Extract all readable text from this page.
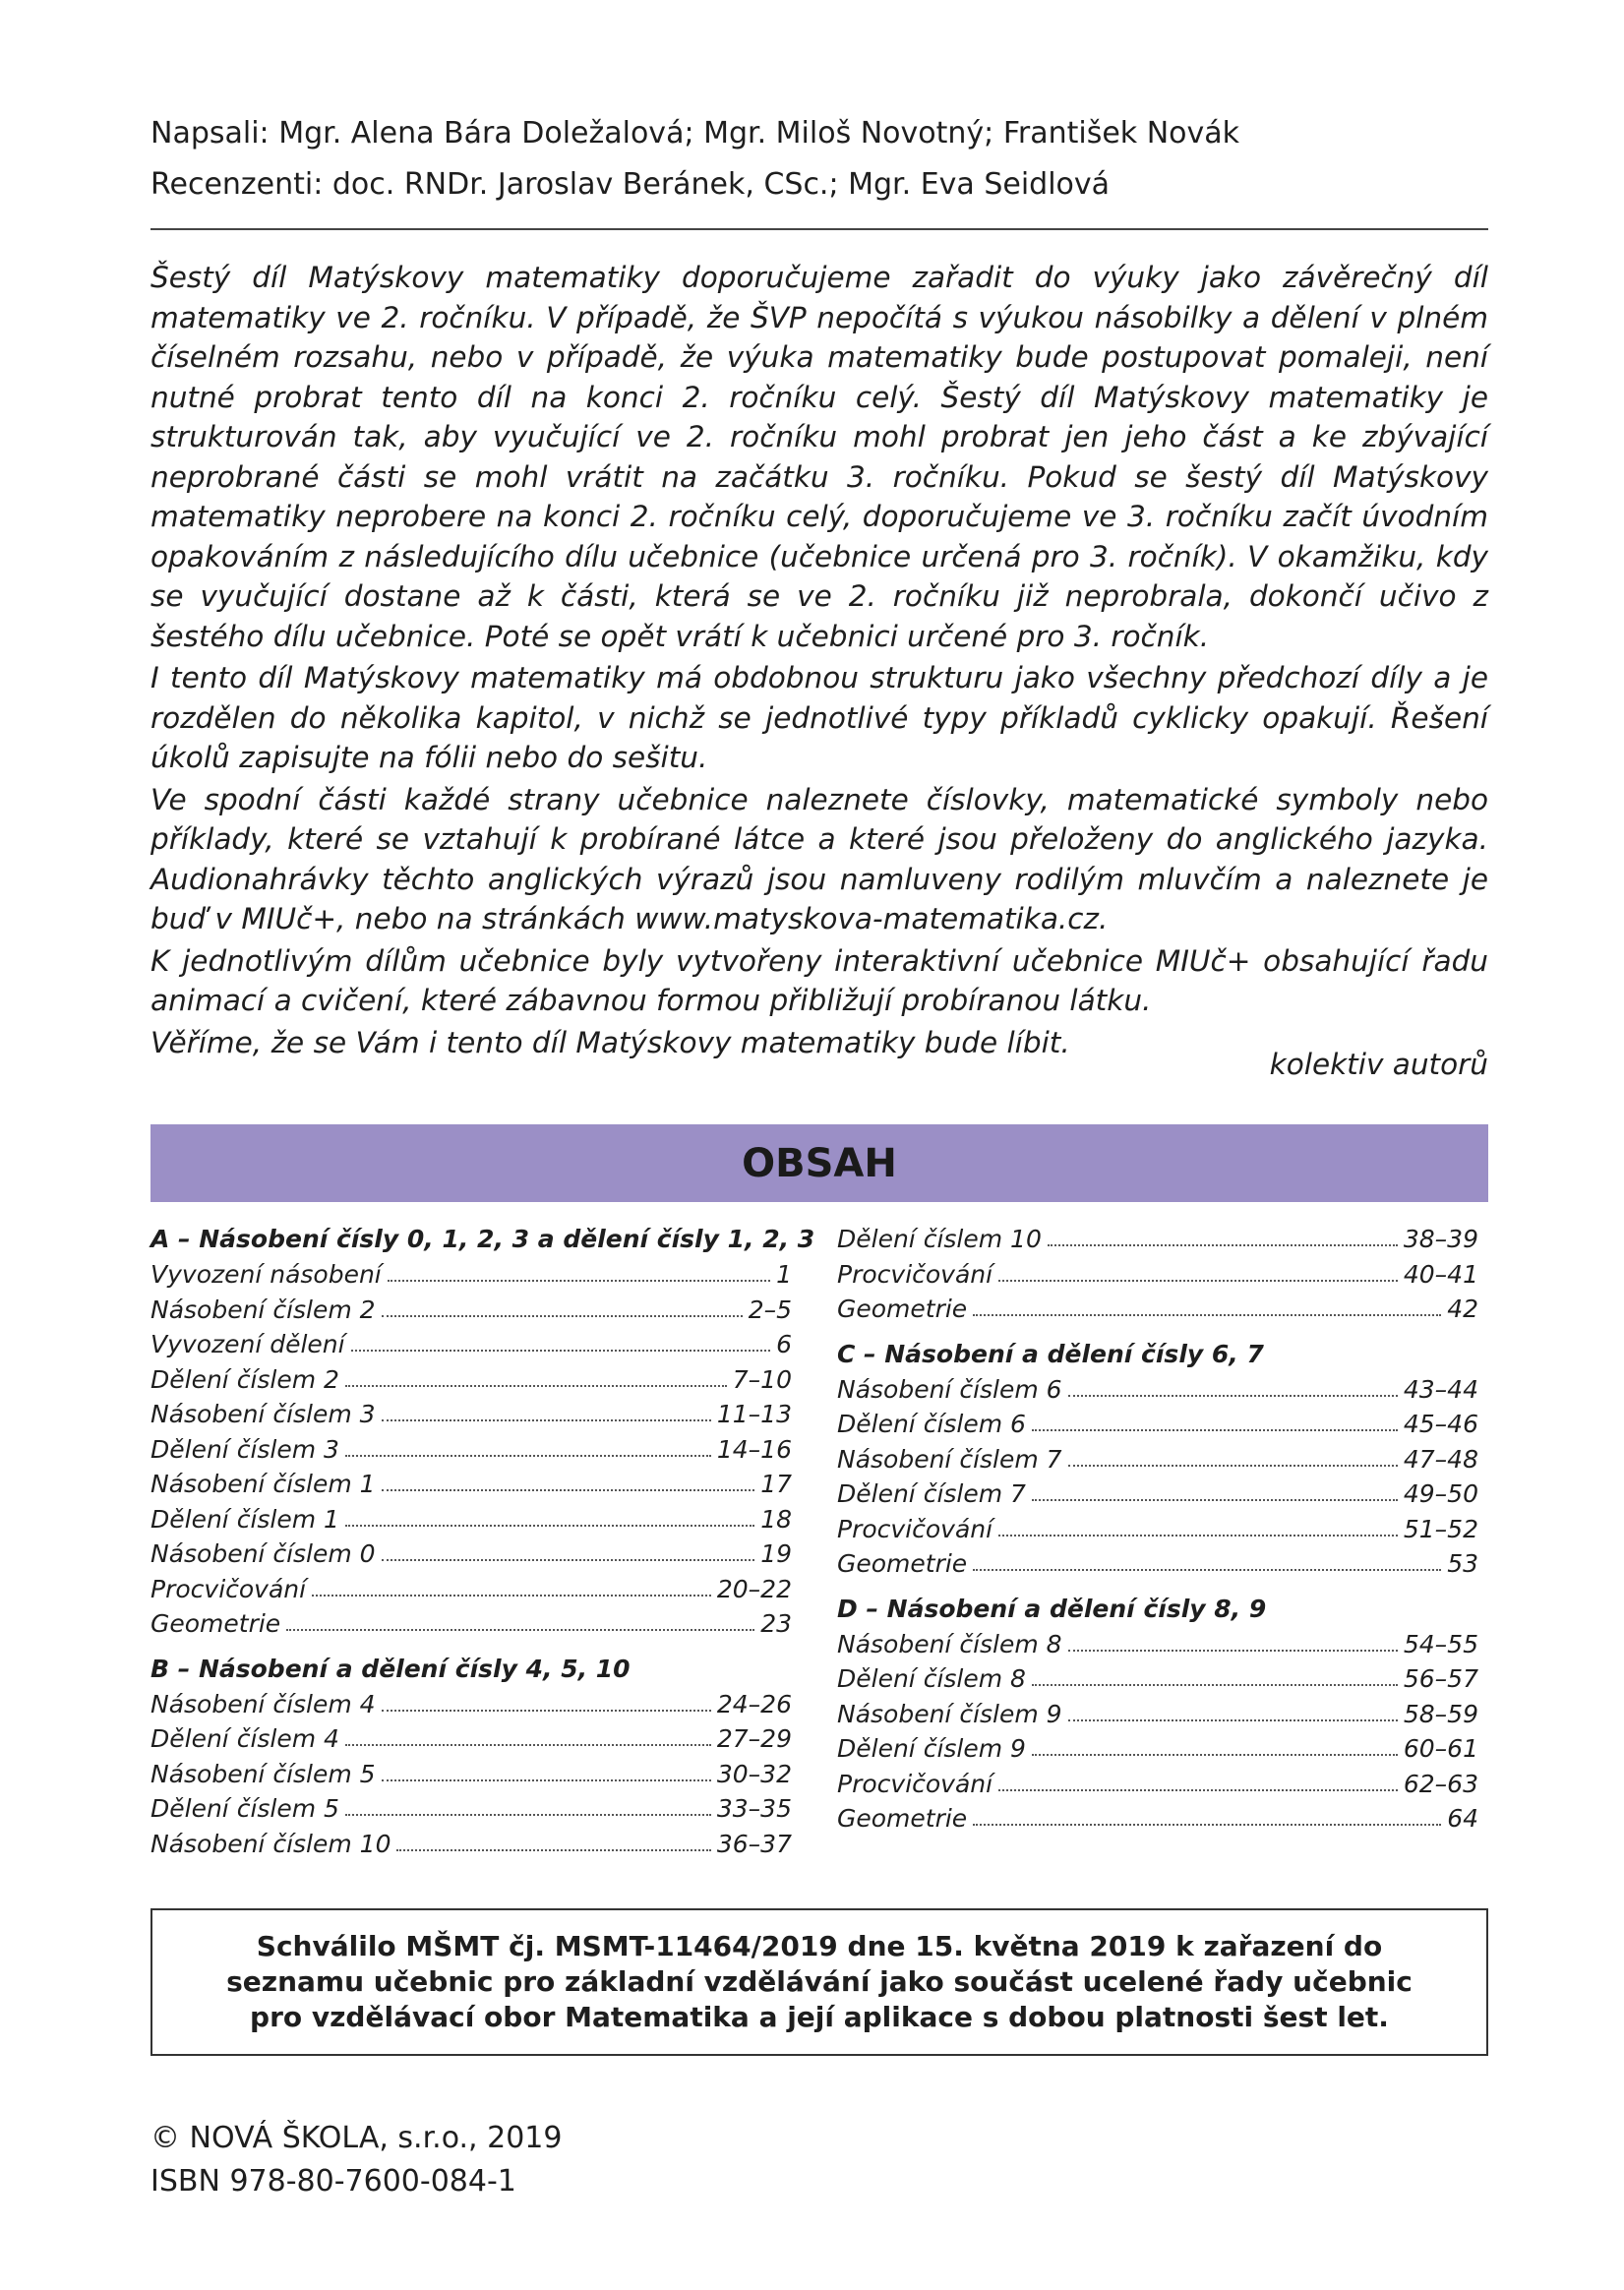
Napsali: Mgr. Alena Bára Doležalová; Mgr. Miloš Novotný; František Novák
Recenzenti: doc. RNDr. Jaroslav Beránek, CSc.; Mgr. Eva Seidlová

Šestý díl Matýskovy matematiky doporučujeme zařadit do výuky jako závěrečný díl matematiky ve 2. ročníku. V případě, že ŠVP nepočítá s výukou násobilky a dělení v plném číselném rozsahu, nebo v případě, že výuka matematiky bude postupovat pomaleji, není nutné probrat tento díl na konci 2. ročníku celý. Šestý díl Matýskovy matematiky je strukturován tak, aby vyučující ve 2. ročníku mohl probrat jen jeho část a ke zbývající neprobrané části se mohl vrátit na začátku 3. ročníku. Pokud se šestý díl Matýskovy matematiky neprobere na konci 2. ročníku celý, doporučujeme ve 3. ročníku začít úvodním opakováním z následujícího dílu učebnice (učebnice určená pro 3. ročník). V okamžiku, kdy se vyučující dostane až k části, která se ve 2. ročníku již neprobrala, dokončí učivo z šestého dílu učebnice. Poté se opět vrátí k učebnici určené pro 3. ročník.

I tento díl Matýskovy matematiky má obdobnou strukturu jako všechny předchozí díly a je rozdělen do několika kapitol, v nichž se jednotlivé typy příkladů cyklicky opakují. Řešení úkolů zapisujte na fólii nebo do sešitu.

Ve spodní části každé strany učebnice naleznete číslovky, matematické symboly nebo příklady, které se vztahují k probírané látce a které jsou přeloženy do anglického jazyka. Audionahrávky těchto anglických výrazů jsou namluveny rodilým mluvčím a naleznete je buď v MIUč+, nebo na stránkách www.matyskova-matematika.cz.

K jednotlivým dílům učebnice byly vytvořeny interaktivní učebnice MIUč+ obsahující řadu animací a cvičení, které zábavnou formou přibližují probíranou látku.

Věříme, že se Vám i tento díl Matýskovy matematiky bude líbit.

kolektiv autorů
OBSAH
A – Násobení čísly 0, 1, 2, 3 a dělení čísly 1, 2, 3
Vyvození násobení	1
Násobení číslem 2	2–5
Vyvození dělení	6
Dělení číslem 2	7–10
Násobení číslem 3	11–13
Dělení číslem 3	14–16
Násobení číslem 1	17
Dělení číslem 1	18
Násobení číslem 0	19
Procvičování	20–22
Geometrie	23
B – Násobení a dělení čísly 4, 5, 10
Násobení číslem 4	24–26
Dělení číslem 4	27–29
Násobení číslem 5	30–32
Dělení číslem 5	33–35
Násobení číslem 10	36–37
Dělení číslem 10	38–39
Procvičování	40–41
Geometrie	42
C – Násobení a dělení čísly 6, 7
Násobení číslem 6	43–44
Dělení číslem 6	45–46
Násobení číslem 7	47–48
Dělení číslem 7	49–50
Procvičování	51–52
Geometrie	53
D – Násobení a dělení čísly 8, 9
Násobení číslem 8	54–55
Dělení číslem 8	56–57
Násobení číslem 9	58–59
Dělení číslem 9	60–61
Procvičování	62–63
Geometrie	64
Schválilo MŠMT čj. MSMT-11464/2019 dne 15. května 2019 k zařazení do seznamu učebnic pro základní vzdělávání jako součást ucelené řady učebnic pro vzdělávací obor Matematika a její aplikace s dobou platnosti šest let.
© NOVÁ ŠKOLA, s.r.o., 2019
ISBN 978-80-7600-084-1
